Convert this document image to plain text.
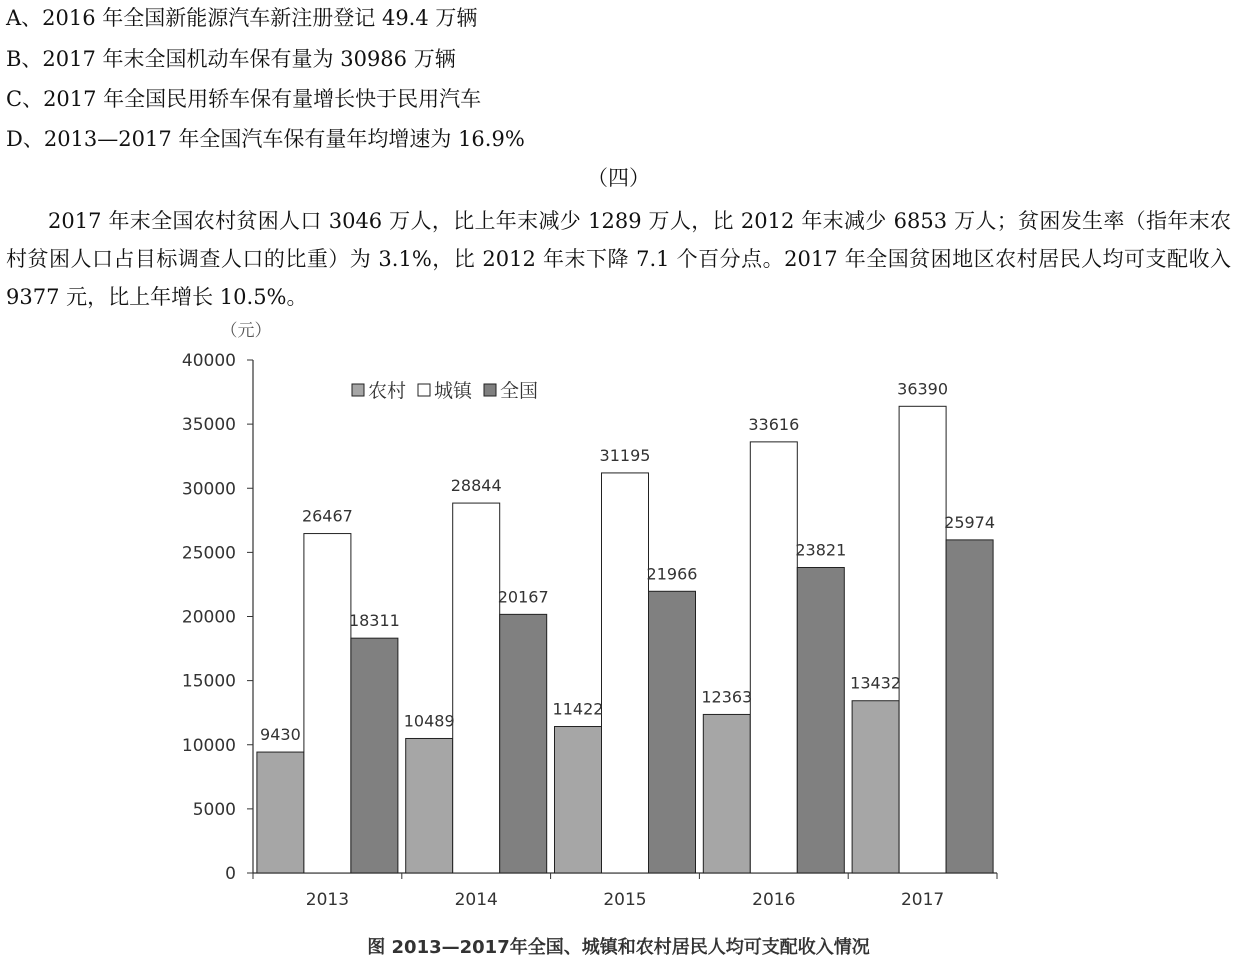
A、2016 年全国新能源汽车新注册登记 49.4 万辆
B、2017 年末全国机动车保有量为 30986 万辆
C、2017 年全国民用轿车保有量增长快于民用汽车
D、2013—2017 年全国汽车保有量年均增速为 16.9%
（四）
2017 年末全国农村贫困人口 3046 万人，比上年末减少 1289 万人，比 2012 年末减少 6853 万人；贫困发生率（指年末农村贫困人口占目标调查人口的比重）为 3.1%，比 2012 年末下降 7.1 个百分点。2017 年全国贫困地区农村居民人均可支配收入 9377 元，比上年增长 10.5%。
（元）
0
5000
10000
15000
20000
25000
30000
35000
40000
2013	2014	2015	2016	2017
9430
26467
18311
10489
28844
20167
11422
31195
21966
12363
33616
23821
13432
36390
25974
农村 城镇 全国
图 2013—2017年全国、城镇和农村居民人均可支配收入情况
